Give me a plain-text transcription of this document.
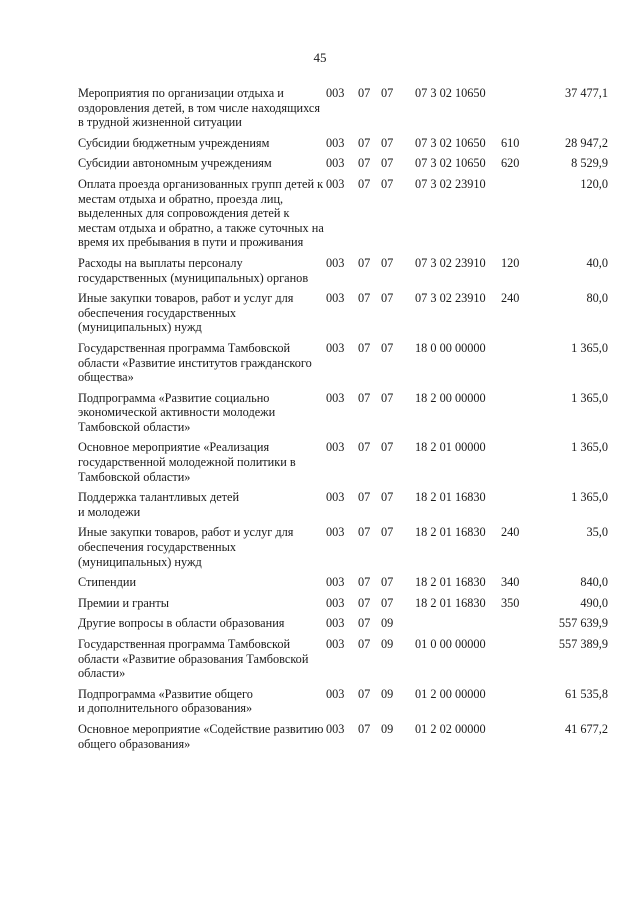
45
Мероприятия по организации отдыха и оздоровления детей, в том числе находящихся в трудной жизненной ситуации	003	07	07	07 3 02 10650		37 477,1
Субсидии бюджетным учреждениям	003	07	07	07 3 02 10650	610	28 947,2
Субсидии автономным учреждениям	003	07	07	07 3 02 10650	620	8 529,9
Оплата проезда организованных групп детей к местам отдыха и обратно, проезда лиц, выделенных для сопровождения детей к местам отдыха и обратно, а также суточных на время их пребывания в пути и проживания	003	07	07	07 3 02 23910		120,0
Расходы на выплаты персоналу государственных (муниципальных) органов	003	07	07	07 3 02 23910	120	40,0
Иные закупки товаров, работ и услуг для обеспечения государственных (муниципальных) нужд	003	07	07	07 3 02 23910	240	80,0
Государственная программа Тамбовской области «Развитие институтов гражданского общества»	003	07	07	18 0 00 00000		1 365,0
Подпрограмма «Развитие социально экономической активности молодежи Тамбовской области»	003	07	07	18 2 00 00000		1 365,0
Основное мероприятие «Реализация государственной молодежной политики в Тамбовской области»	003	07	07	18 2 01 00000		1 365,0
Поддержка талантливых детей
и молодежи	003	07	07	18 2 01 16830		1 365,0
Иные закупки товаров, работ и услуг для обеспечения государственных (муниципальных) нужд	003	07	07	18 2 01 16830	240	35,0
Стипендии	003	07	07	18 2 01 16830	340	840,0
Премии и гранты	003	07	07	18 2 01 16830	350	490,0
Другие вопросы в области образования	003	07	09			557 639,9
Государственная программа Тамбовской области «Развитие образования Тамбовской области»	003	07	09	01 0 00 00000		557 389,9
Подпрограмма «Развитие общего
и дополнительного образования»	003	07	09	01 2 00 00000		61 535,8
Основное мероприятие «Содействие развитию общего образования»	003	07	09	01 2 02 00000		41 677,2
